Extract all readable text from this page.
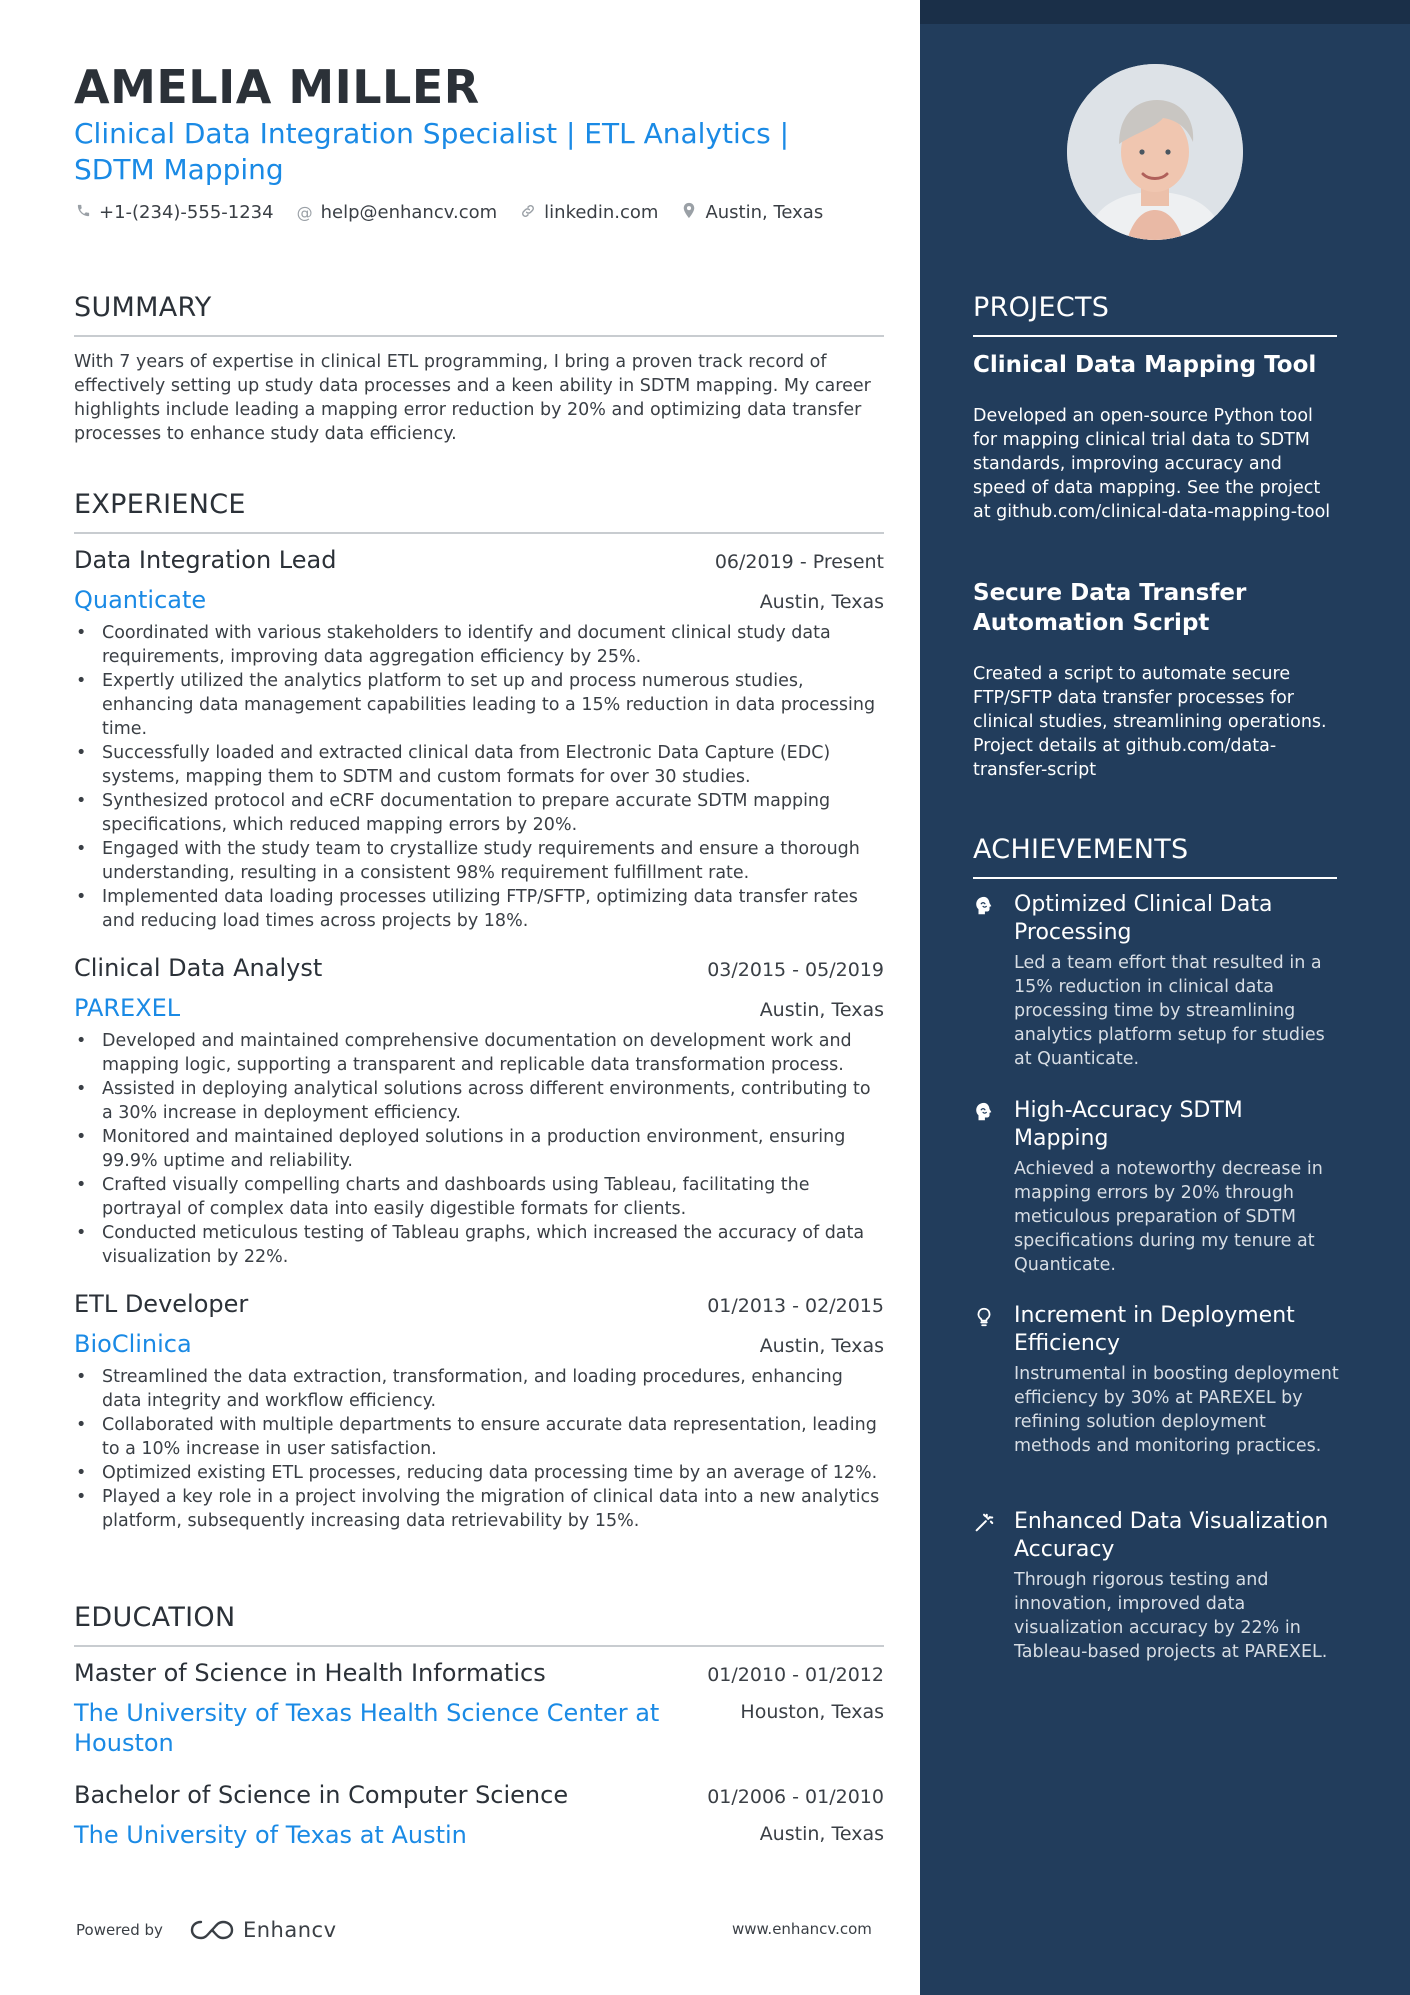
AMELIA MILLER
Clinical Data Integration Specialist | ETL Analytics | SDTM Mapping
+1-(234)-555-1234 @ help@enhancv.com	linkedin.com	Austin, Texas
SUMMARY
With 7 years of expertise in clinical ETL programming, I bring a proven track record of effectively setting up study data processes and a keen ability in SDTM mapping. My career highlights include leading a mapping error reduction by 20% and optimizing data transfer processes to enhance study data efficiency.
EXPERIENCE
Data Integration Lead	06/2019 - Present
Quanticate	Austin, Texas
• Coordinated with various stakeholders to identify and document clinical study data requirements, improving data aggregation efficiency by 25%.
• Expertly utilized the analytics platform to set up and process numerous studies, enhancing data management capabilities leading to a 15% reduction in data processing time.
• Successfully loaded and extracted clinical data from Electronic Data Capture (EDC) systems, mapping them to SDTM and custom formats for over 30 studies.
• Synthesized protocol and eCRF documentation to prepare accurate SDTM mapping specifications, which reduced mapping errors by 20%.
• Engaged with the study team to crystallize study requirements and ensure a thorough understanding, resulting in a consistent 98% requirement fulfillment rate.
• Implemented data loading processes utilizing FTP/SFTP, optimizing data transfer rates and reducing load times across projects by 18%.
Clinical Data Analyst	03/2015 - 05/2019
PAREXEL	Austin, Texas
• Developed and maintained comprehensive documentation on development work and mapping logic, supporting a transparent and replicable data transformation process.
• Assisted in deploying analytical solutions across different environments, contributing to a 30% increase in deployment efficiency.
• Monitored and maintained deployed solutions in a production environment, ensuring 99.9% uptime and reliability.
• Crafted visually compelling charts and dashboards using Tableau, facilitating the portrayal of complex data into easily digestible formats for clients.
• Conducted meticulous testing of Tableau graphs, which increased the accuracy of data visualization by 22%.
ETL Developer	01/2013 - 02/2015
BioClinica	Austin, Texas
• Streamlined the data extraction, transformation, and loading procedures, enhancing data integrity and workflow efficiency.
• Collaborated with multiple departments to ensure accurate data representation, leading to a 10% increase in user satisfaction.
• Optimized existing ETL processes, reducing data processing time by an average of 12%.
• Played a key role in a project involving the migration of clinical data into a new analytics platform, subsequently increasing data retrievability by 15%.
EDUCATION
Master of Science in Health Informatics	01/2010 - 01/2012
The University of Texas Health Science Center at Houston
Houston, Texas
Bachelor of Science in Computer Science	01/2006 - 01/2010
The University of Texas at Austin	Austin, Texas
Powered by	Enhancv	www.enhancv.com
PROJECTS
Clinical Data Mapping Tool
Developed an open-source Python tool for mapping clinical trial data to SDTM standards, improving accuracy and speed of data mapping. See the project at github.com/clinical-data-mapping-tool
Secure Data Transfer Automation Script
Created a script to automate secure FTP/SFTP data transfer processes for clinical studies, streamlining operations. Project details at github.com/data-transfer-script
ACHIEVEMENTS
Optimized Clinical Data Processing
Led a team effort that resulted in a 15% reduction in clinical data processing time by streamlining analytics platform setup for studies at Quanticate.
High-Accuracy SDTM Mapping
Achieved a noteworthy decrease in mapping errors by 20% through meticulous preparation of SDTM specifications during my tenure at Quanticate.
Increment in Deployment Efficiency
Instrumental in boosting deployment efficiency by 30% at PAREXEL by refining solution deployment methods and monitoring practices.
Enhanced Data Visualization Accuracy
Through rigorous testing and innovation, improved data visualization accuracy by 22% in Tableau-based projects at PAREXEL.
